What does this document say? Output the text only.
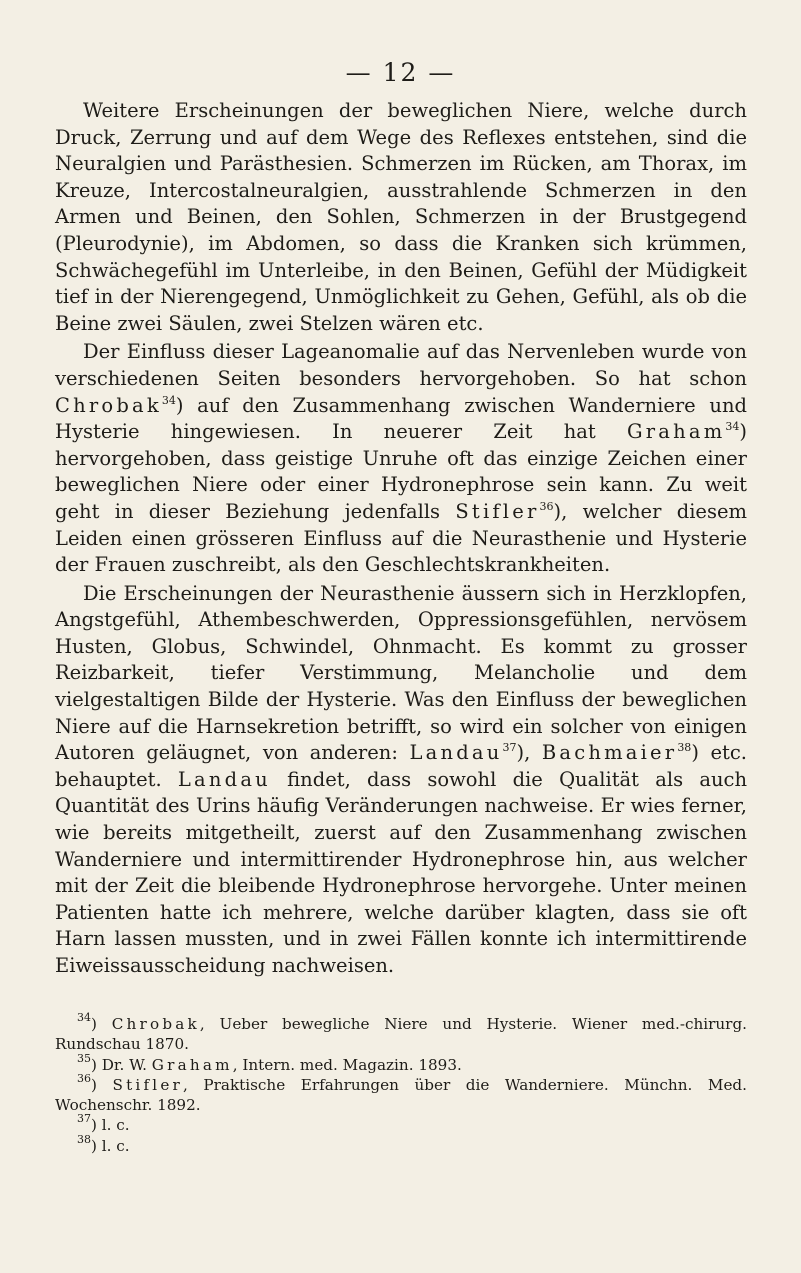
— 12 —

Weitere Erscheinungen der beweglichen Niere, welche durch Druck, Zerrung und auf dem Wege des Reflexes entstehen, sind die Neuralgien und Parästhesien. Schmerzen im Rücken, am Thorax, im Kreuze, Intercostalneuralgien, ausstrahlende Schmerzen in den Armen und Beinen, den Sohlen, Schmerzen in der Brustgegend (Pleurodynie), im Abdomen, so dass die Kranken sich krümmen, Schwächegefühl im Unterleibe, in den Beinen, Gefühl der Müdigkeit tief in der Nierengegend, Unmöglichkeit zu Gehen, Gefühl, als ob die Beine zwei Säulen, zwei Stelzen wären etc.

Der Einfluss dieser Lageanomalie auf das Nervenleben wurde von verschiedenen Seiten besonders hervorgehoben. So hat schon Chrobak$^{34}$) auf den Zusammenhang zwischen Wanderniere und Hysterie hingewiesen. In neuerer Zeit hat Graham$^{34}$) hervorgehoben, dass geistige Unruhe oft das einzige Zeichen einer beweglichen Niere oder einer Hydronephrose sein kann. Zu weit geht in dieser Beziehung jedenfalls Stifler$^{36}$), welcher diesem Leiden einen grösseren Einfluss auf die Neurasthenie und Hysterie der Frauen zuschreibt, als den Geschlechtskrankheiten.

Die Erscheinungen der Neurasthenie äussern sich in Herzklopfen, Angstgefühl, Athembeschwerden, Oppressionsgefühlen, nervösem Husten, Globus, Schwindel, Ohnmacht. Es kommt zu grosser Reizbarkeit, tiefer Verstimmung, Melancholie und dem vielgestaltigen Bilde der Hysterie. Was den Einfluss der beweglichen Niere auf die Harnsekretion betrifft, so wird ein solcher von einigen Autoren geläugnet, von anderen: Landau$^{37}$), Bachmaier$^{38}$) etc. behauptet. Landau findet, dass sowohl die Qualität als auch Quantität des Urins häufig Veränderungen nachweise. Er wies ferner, wie bereits mitgetheilt, zuerst auf den Zusammenhang zwischen Wanderniere und intermittirender Hydronephrose hin, aus welcher mit der Zeit die bleibende Hydronephrose hervorgehe. Unter meinen Patienten hatte ich mehrere, welche darüber klagten, dass sie oft Harn lassen mussten, und in zwei Fällen konnte ich intermittirende Eiweissausscheidung nachweisen.

$^{34}$) Chrobak, Ueber bewegliche Niere und Hysterie. Wiener med.-chirurg. Rundschau 1870.

$^{35}$) Dr. W. Graham, Intern. med. Magazin. 1893.

$^{36}$) Stifler, Praktische Erfahrungen über die Wanderniere. Münchn. Med. Wochenschr. 1892.

$^{37}$) l. c.

$^{38}$) l. c.
